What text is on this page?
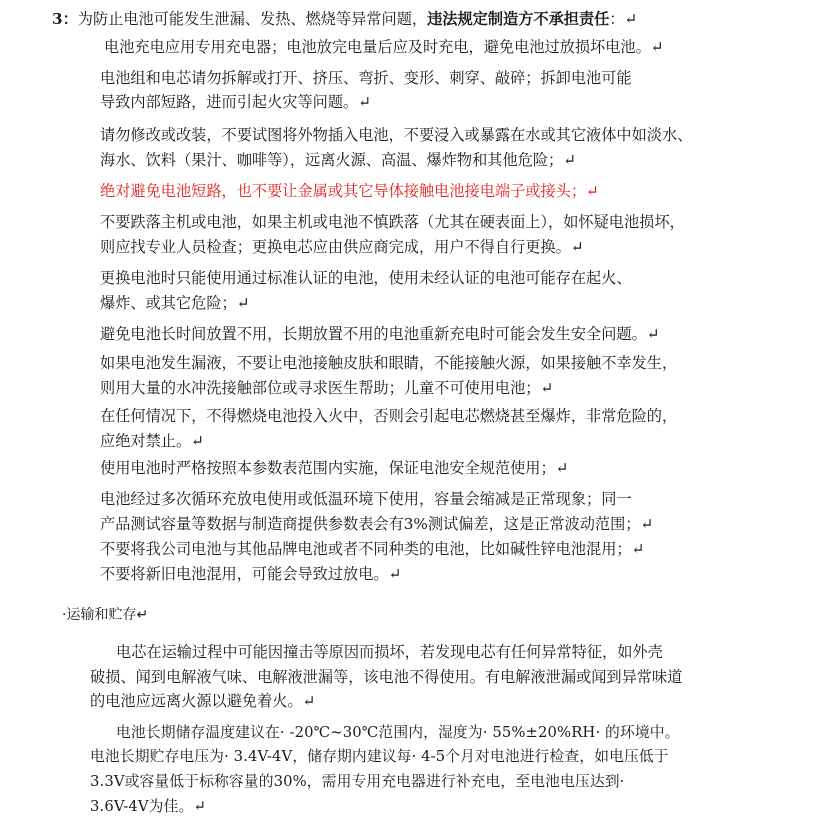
3：为防止电池可能发生泄漏、发热、燃烧等异常问题，违法规定制造方不承担责任：↵
电池充电应用专用充电器；电池放完电量后应及时充电，避免电池过放损坏电池。↵
电池组和电芯请勿拆解或打开、挤压、弯折、变形、刺穿、敲碎；拆卸电池可能
导致内部短路，进而引起火灾等问题。↵
请勿修改或改装，不要试图将外物插入电池，不要浸入或暴露在水或其它液体中如淡水、
海水、饮料（果汁、咖啡等），远离火源、高温、爆炸物和其他危险；↵
绝对避免电池短路，也不要让金属或其它导体接触电池接电端子或接头；↵
不要跌落主机或电池，如果主机或电池不慎跌落（尤其在硬表面上），如怀疑电池损坏，
则应找专业人员检查；更换电芯应由供应商完成，用户不得自行更换。↵
更换电池时只能使用通过标准认证的电池，使用未经认证的电池可能存在起火、
爆炸、或其它危险；↵
避免电池长时间放置不用，长期放置不用的电池重新充电时可能会发生安全问题。↵
如果电池发生漏液，不要让电池接触皮肤和眼睛，不能接触火源，如果接触不幸发生，
则用大量的水冲洗接触部位或寻求医生帮助；儿童不可使用电池；↵
在任何情况下，不得燃烧电池投入火中，否则会引起电芯燃烧甚至爆炸，非常危险的，
应绝对禁止。↵
使用电池时严格按照本参数表范围内实施，保证电池安全规范使用；↵
电池经过多次循环充放电使用或低温环境下使用，容量会缩减是正常现象；同一
产品测试容量等数据与制造商提供参数表会有3%测试偏差，这是正常波动范围；↵
不要将我公司电池与其他品牌电池或者不同种类的电池，比如碱性锌电池混用；↵
不要将新旧电池混用，可能会导致过放电。↵
·运输和贮存↵
电芯在运输过程中可能因撞击等原因而损坏，若发现电芯有任何异常特征，如外壳
破损、闻到电解液气味、电解液泄漏等，该电池不得使用。有电解液泄漏或闻到异常味道
的电池应远离火源以避免着火。↵
电池长期储存温度建议在· -20℃~30℃范围内，湿度为· 55%±20%RH· 的环境中。
电池长期贮存电压为· 3.4V-4V，储存期内建议每· 4-5个月对电池进行检查，如电压低于
3.3V或容量低于标称容量的30%，需用专用充电器进行补充电，至电池电压达到·
3.6V-4V为佳。↵
